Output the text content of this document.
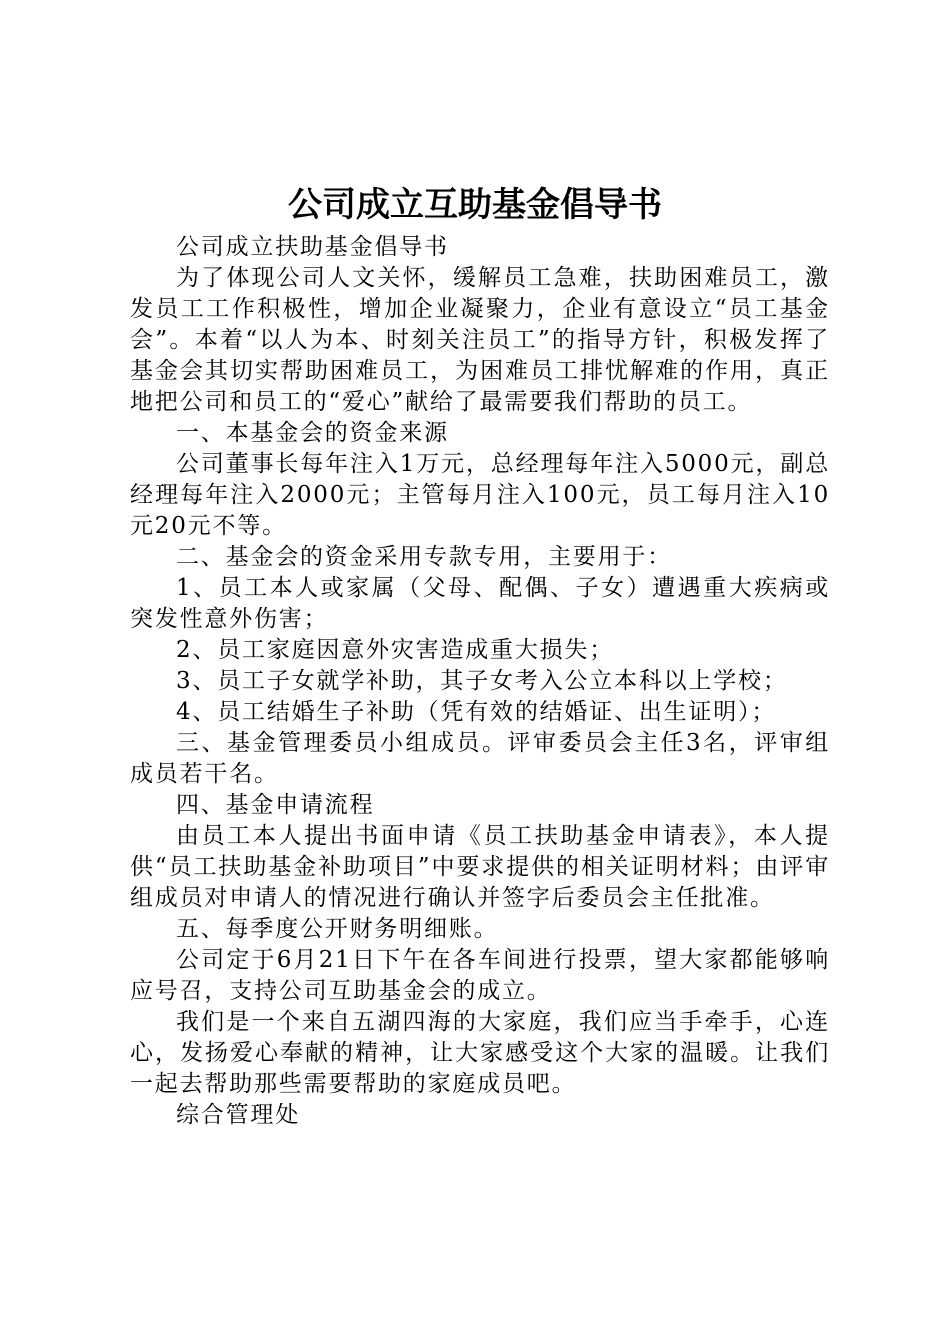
公司成立互助基金倡导书

公司成立扶助基金倡导书

为了体现公司人文关怀，缓解员工急难，扶助困难员工，激发员工工作积极性，增加企业凝聚力，企业有意设立“员工基金会”。本着“以人为本、时刻关注员工”的指导方针，积极发挥了基金会其切实帮助困难员工，为困难员工排忧解难的作用，真正地把公司和员工的“爱心”献给了最需要我们帮助的员工。

一、本基金会的资金来源

公司董事长每年注入1万元，总经理每年注入5000元，副总经理每年注入2000元；主管每月注入100元，员工每月注入10元20元不等。

二、基金会的资金采用专款专用，主要用于：

1、员工本人或家属（父母、配偶、子女）遭遇重大疾病或突发性意外伤害；

2、员工家庭因意外灾害造成重大损失；

3、员工子女就学补助，其子女考入公立本科以上学校；

4、员工结婚生子补助（凭有效的结婚证、出生证明）；

三、基金管理委员小组成员。评审委员会主任3名，评审组成员若干名。

四、基金申请流程

由员工本人提出书面申请《员工扶助基金申请表》，本人提供“员工扶助基金补助项目”中要求提供的相关证明材料；由评审组成员对申请人的情况进行确认并签字后委员会主任批准。

五、每季度公开财务明细账。

公司定于6月21日下午在各车间进行投票，望大家都能够响应号召，支持公司互助基金会的成立。

我们是一个来自五湖四海的大家庭，我们应当手牵手，心连心，发扬爱心奉献的精神，让大家感受这个大家的温暖。让我们一起去帮助那些需要帮助的家庭成员吧。

综合管理处
